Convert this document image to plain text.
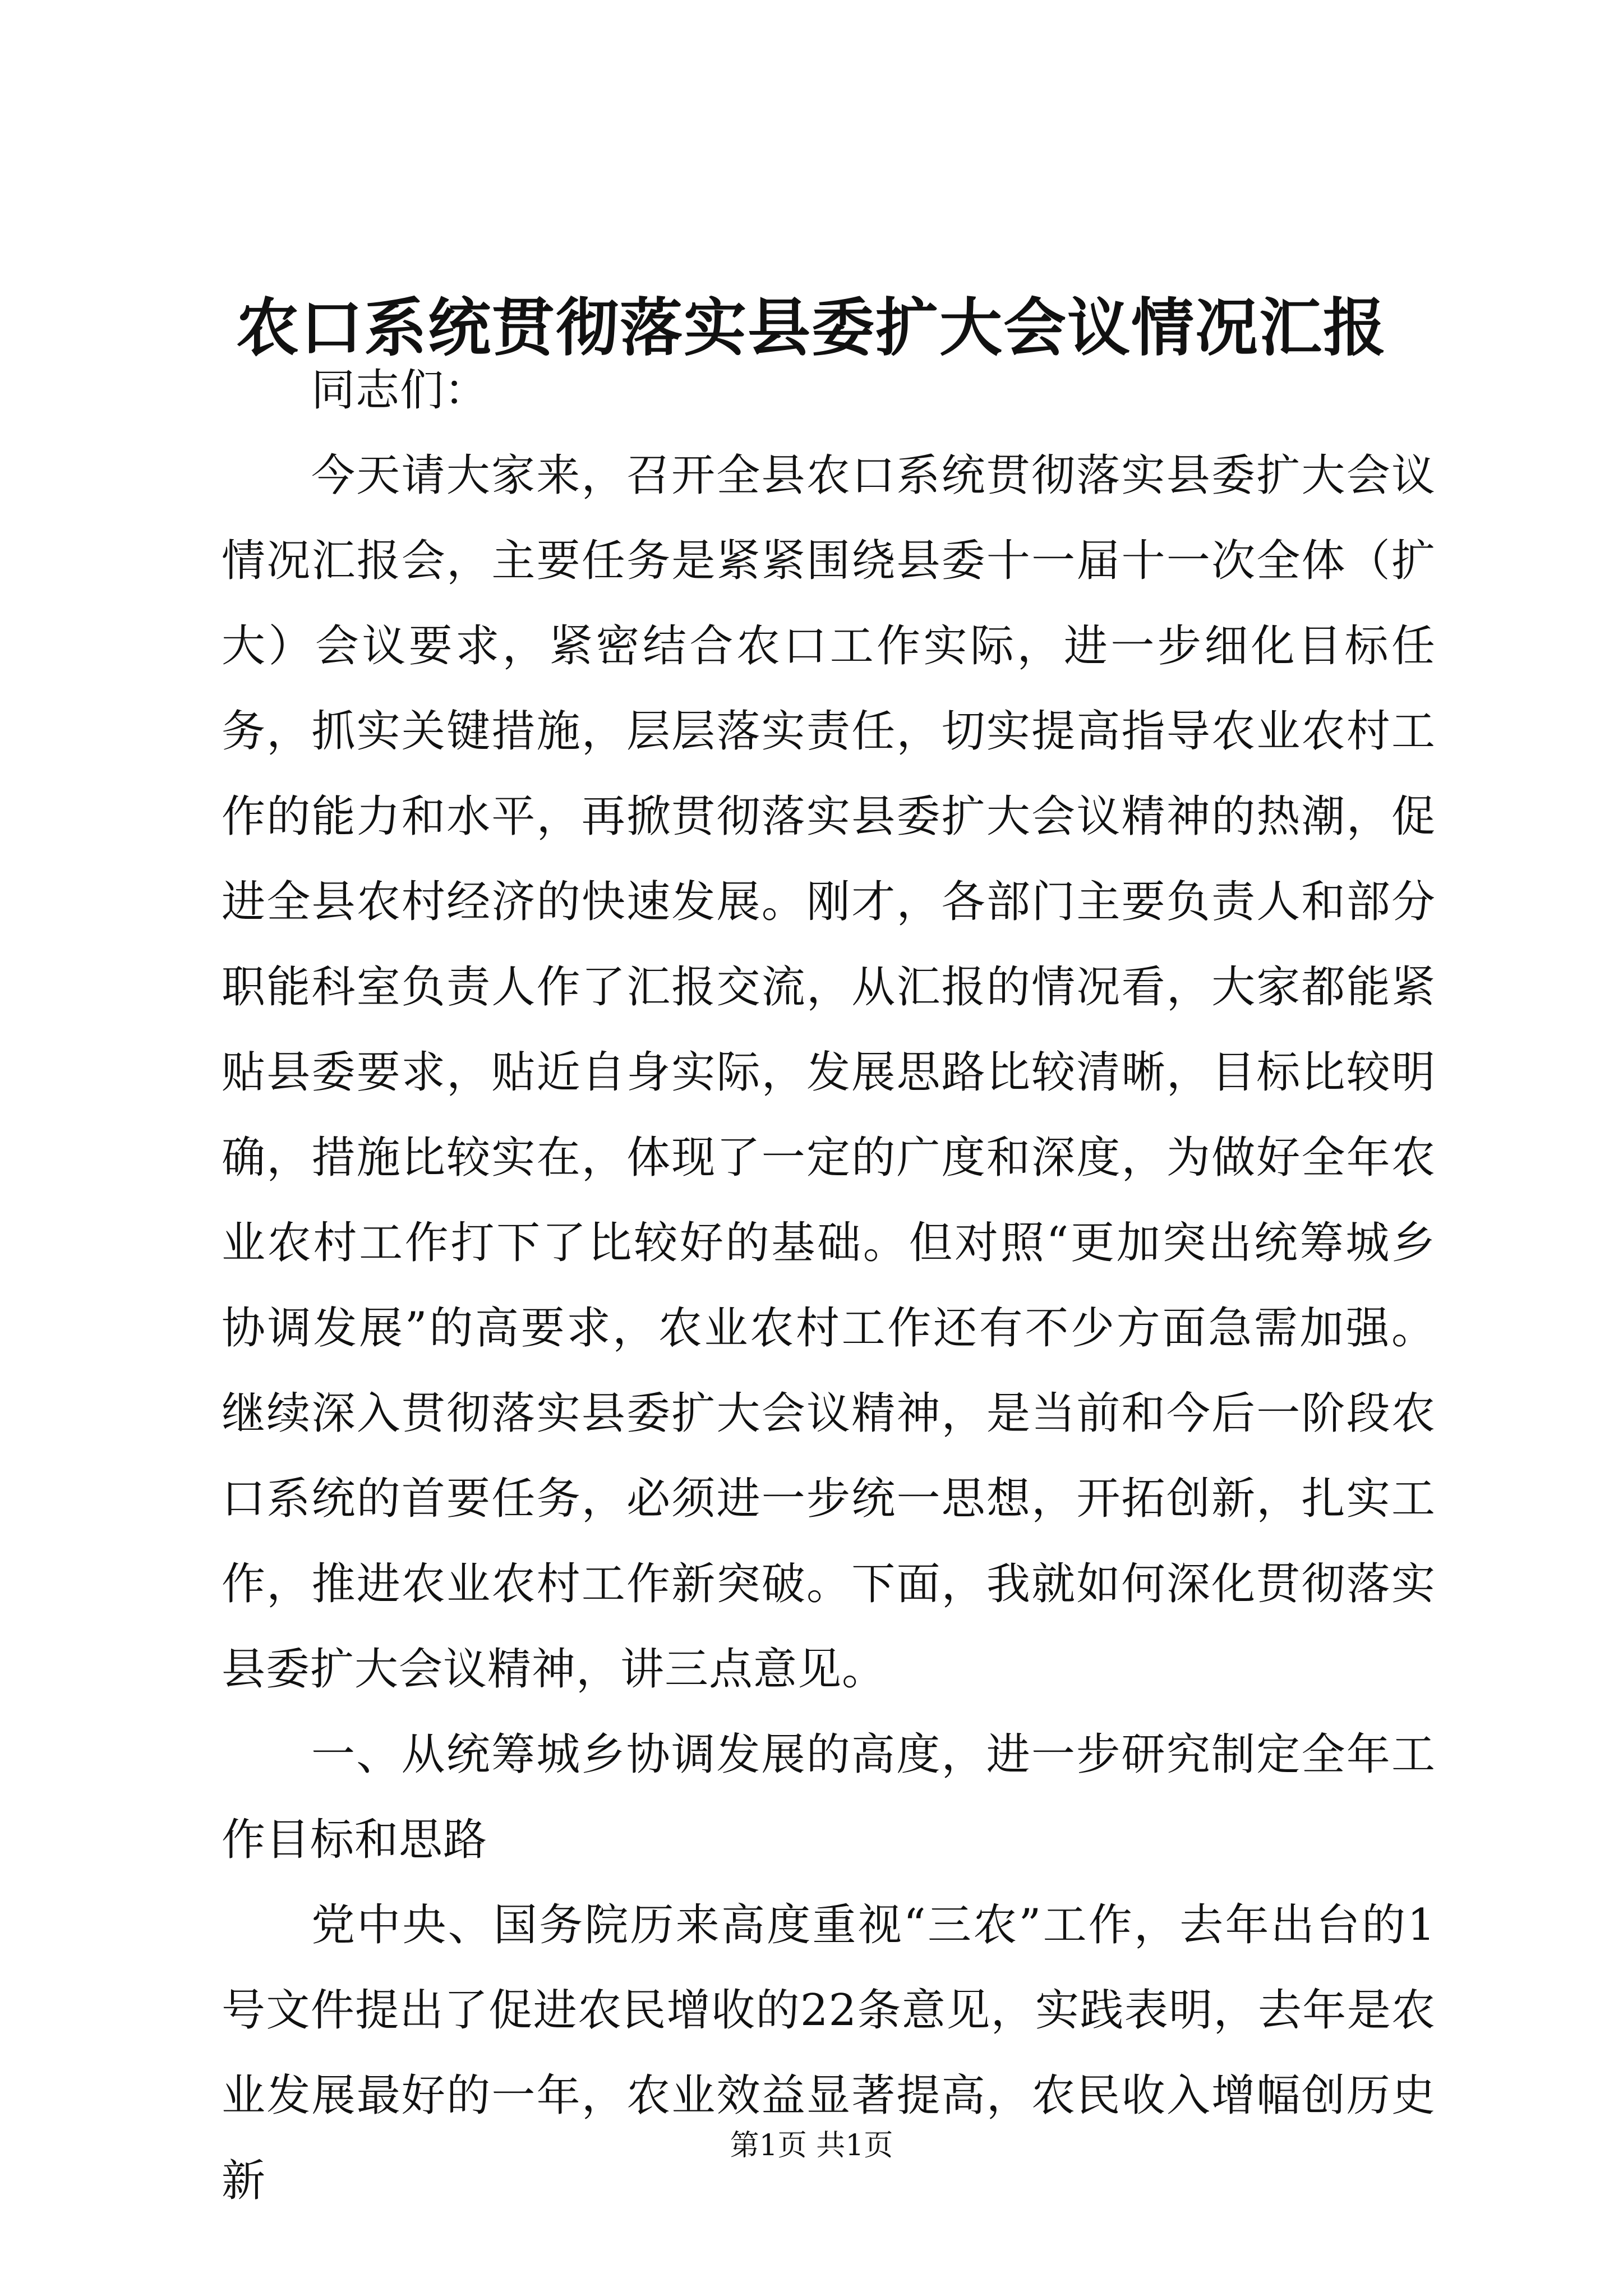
农口系统贯彻落实县委扩大会议情况汇报

同志们：

今天请大家来，召开全县农口系统贯彻落实县委扩大会议情况汇报会，主要任务是紧紧围绕县委十一届十一次全体（扩大）会议要求，紧密结合农口工作实际，进一步细化目标任务，抓实关键措施，层层落实责任，切实提高指导农业农村工作的能力和水平，再掀贯彻落实县委扩大会议精神的热潮，促进全县农村经济的快速发展。刚才，各部门主要负责人和部分职能科室负责人作了汇报交流，从汇报的情况看，大家都能紧贴县委要求，贴近自身实际，发展思路比较清晰，目标比较明确，措施比较实在，体现了一定的广度和深度，为做好全年农业农村工作打下了比较好的基础。但对照“更加突出统筹城乡协调发展”的高要求，农业农村工作还有不少方面急需加强。继续深入贯彻落实县委扩大会议精神，是当前和今后一阶段农口系统的首要任务，必须进一步统一思想，开拓创新，扎实工作，推进农业农村工作新突破。下面，我就如何深化贯彻落实县委扩大会议精神，讲三点意见。

一、从统筹城乡协调发展的高度，进一步研究制定全年工作目标和思路

党中央、国务院历来高度重视“三农”工作，去年出台的1号文件提出了促进农民增收的22条意见，实践表明，去年是农业发展最好的一年，农业效益显著提高，农民收入增幅创历史新

第1页 共1页
